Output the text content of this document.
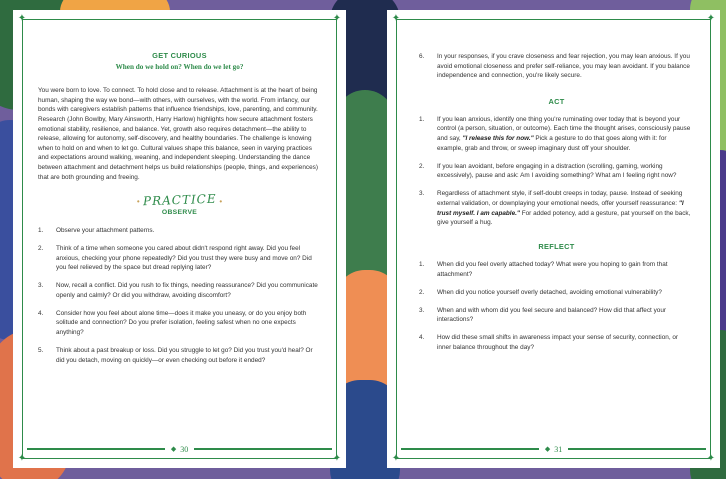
✦	✦
✦	✦
GET CURIOUS
When do we hold on? When do we let go?
You were born to love. To connect. To hold close and to release. Attachment is at the heart of being human, shaping the way we bond—with others, with ourselves, with the world. From infancy, our bonds with caregivers establish patterns that influence friendships, love, parenting, and community. Research (John Bowlby, Mary Ainsworth, Harry Harlow) highlights how secure attachment fosters emotional stability, resilience, and balance. Yet, growth also requires detachment—the ability to release, allowing for autonomy, self-discovery, and healthy boundaries. The challenge is knowing when to hold on and when to let go. Cultural values shape this balance, seen in varying practices and expectations around walking, weaning, and independent sleeping. Understanding the dance between attachment and detachment helps us build relationships (people, things, and experiences) that are both grounding and freeing.
• PRACTICE •
OBSERVE
1. Observe your attachment patterns.
2. Think of a time when someone you cared about didn't respond right away. Did you feel anxious, checking your phone repeatedly? Did you trust they were busy and move on? Did you feel relieved by the space but dread replying later?
3. Now, recall a conflict. Did you rush to fix things, needing reassurance? Did you communicate openly and calmly? Or did you withdraw, avoiding discomfort?
4. Consider how you feel about alone time—does it make you uneasy, or do you enjoy both solitude and connection? Do you prefer isolation, feeling safest when no one expects anything?
5. Think about a past breakup or loss. Did you struggle to let go? Did you trust you'd heal? Or did you detach, moving on quickly—or even checking out before it ended?
◆ 30
✦	✦
✦	✦
6. In your responses, if you crave closeness and fear rejection, you may lean anxious. If you avoid emotional closeness and prefer self-reliance, you may lean avoidant. If you balance independence and connection, you're likely secure.
ACT
1. If you lean anxious, identify one thing you're ruminating over today that is beyond your control (a person, situation, or outcome). Each time the thought arises, consciously pause and say, "I release this for now." Pick a gesture to do that goes along with it: for example, grab and throw, or sweep imaginary dust off your shoulder.
2. If you lean avoidant, before engaging in a distraction (scrolling, gaming, working excessively), pause and ask: Am I avoiding something? What am I feeling right now?
3. Regardless of attachment style, if self-doubt creeps in today, pause. Instead of seeking external validation, or downplaying your emotional needs, offer yourself reassurance: "I trust myself. I am capable." For added potency, add a gesture, pat yourself on the back, give yourself a hug.
REFLECT
1. When did you feel overly attached today? What were you hoping to gain from that attachment?
2. When did you notice yourself overly detached, avoiding emotional vulnerability?
3. When and with whom did you feel secure and balanced? How did that affect your interactions?
4. How did these small shifts in awareness impact your sense of security, connection, or inner balance throughout the day?
◆ 31
